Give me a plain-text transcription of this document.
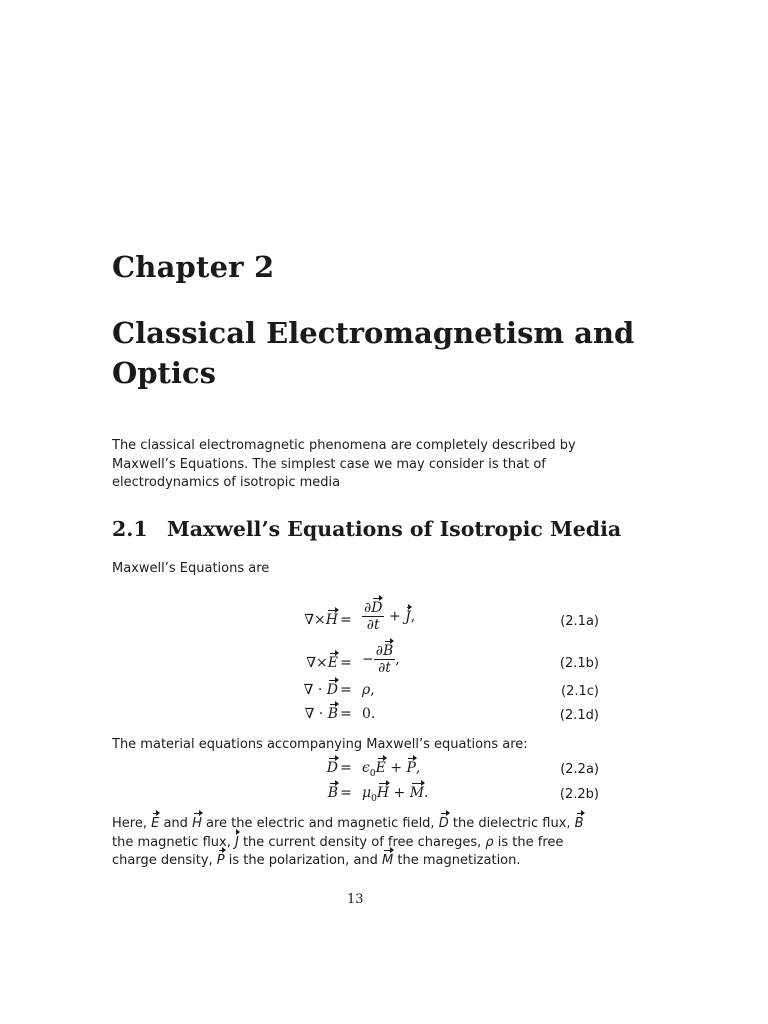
Chapter 2
Classical Electromagnetism and Optics
The classical electromagnetic phenomena are completely described by Maxwell’s Equations. The simplest case we may consider is that of electrodynamics of isotropic media
2.1 Maxwell’s Equations of Isotropic Media
Maxwell’s Equations are
$\nabla\times H = \frac{\partial D}{\partial t} + J$,	(2.1a)
∇×E = − $\frac{\partial B}{\partial t}$ ,	(2.1b)
∇ · D = ρ,	(2.1c)
∇ · B = 0.	(2.1d)
The material equations accompanying Maxwell’s equations are:
$D = \epsilon_0E + P$,	(2.2a)
$B = \mu_0H + M$.	(2.2b)
Here, E and H are the electric and magnetic field, D the dielectric flux, B the magnetic flux, J the current density of free chareges, ρ is the free charge density, P is the polarization, and M the magnetization.
13
